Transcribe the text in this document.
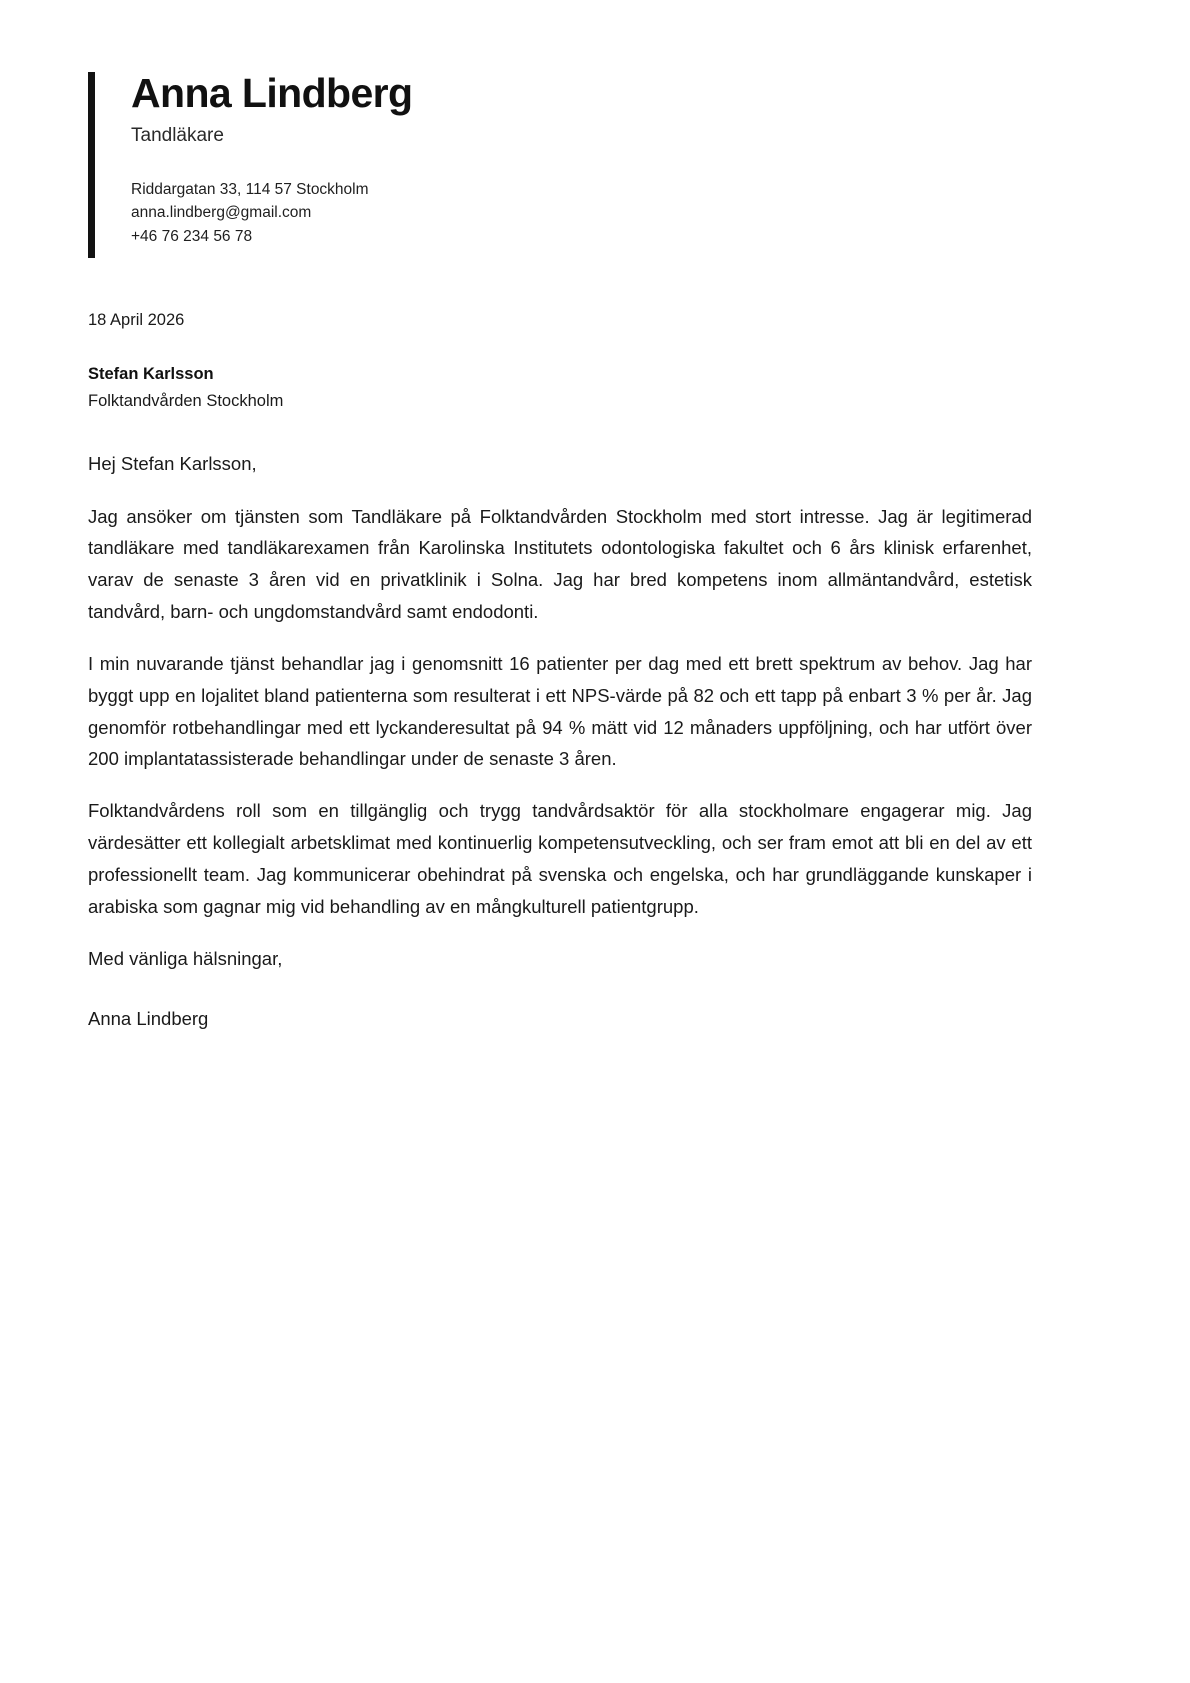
Anna Lindberg
Tandläkare
Riddargatan 33, 114 57 Stockholm
anna.lindberg@gmail.com
+46 76 234 56 78
18 April 2026
Stefan Karlsson
Folktandvården Stockholm

Hej Stefan Karlsson,

Jag ansöker om tjänsten som Tandläkare på Folktandvården Stockholm med stort intresse. Jag är legitimerad tandläkare med tandläkarexamen från Karolinska Institutets odontologiska fakultet och 6 års klinisk erfarenhet, varav de senaste 3 åren vid en privatklinik i Solna. Jag har bred kompetens inom allmäntandvård, estetisk tandvård, barn- och ungdomstandvård samt endodonti.

I min nuvarande tjänst behandlar jag i genomsnitt 16 patienter per dag med ett brett spektrum av behov. Jag har byggt upp en lojalitet bland patienterna som resulterat i ett NPS-värde på 82 och ett tapp på enbart 3 % per år. Jag genomför rotbehandlingar med ett lyckanderesultat på 94 % mätt vid 12 månaders uppföljning, och har utfört över 200 implantatassisterade behandlingar under de senaste 3 åren.

Folktandvårdens roll som en tillgänglig och trygg tandvårdsaktör för alla stockholmare engagerar mig. Jag värdesätter ett kollegialt arbetsklimat med kontinuerlig kompetensutveckling, och ser fram emot att bli en del av ett professionellt team. Jag kommunicerar obehindrat på svenska och engelska, och har grundläggande kunskaper i arabiska som gagnar mig vid behandling av en mångkulturell patientgrupp.

Med vänliga hälsningar,

Anna Lindberg
